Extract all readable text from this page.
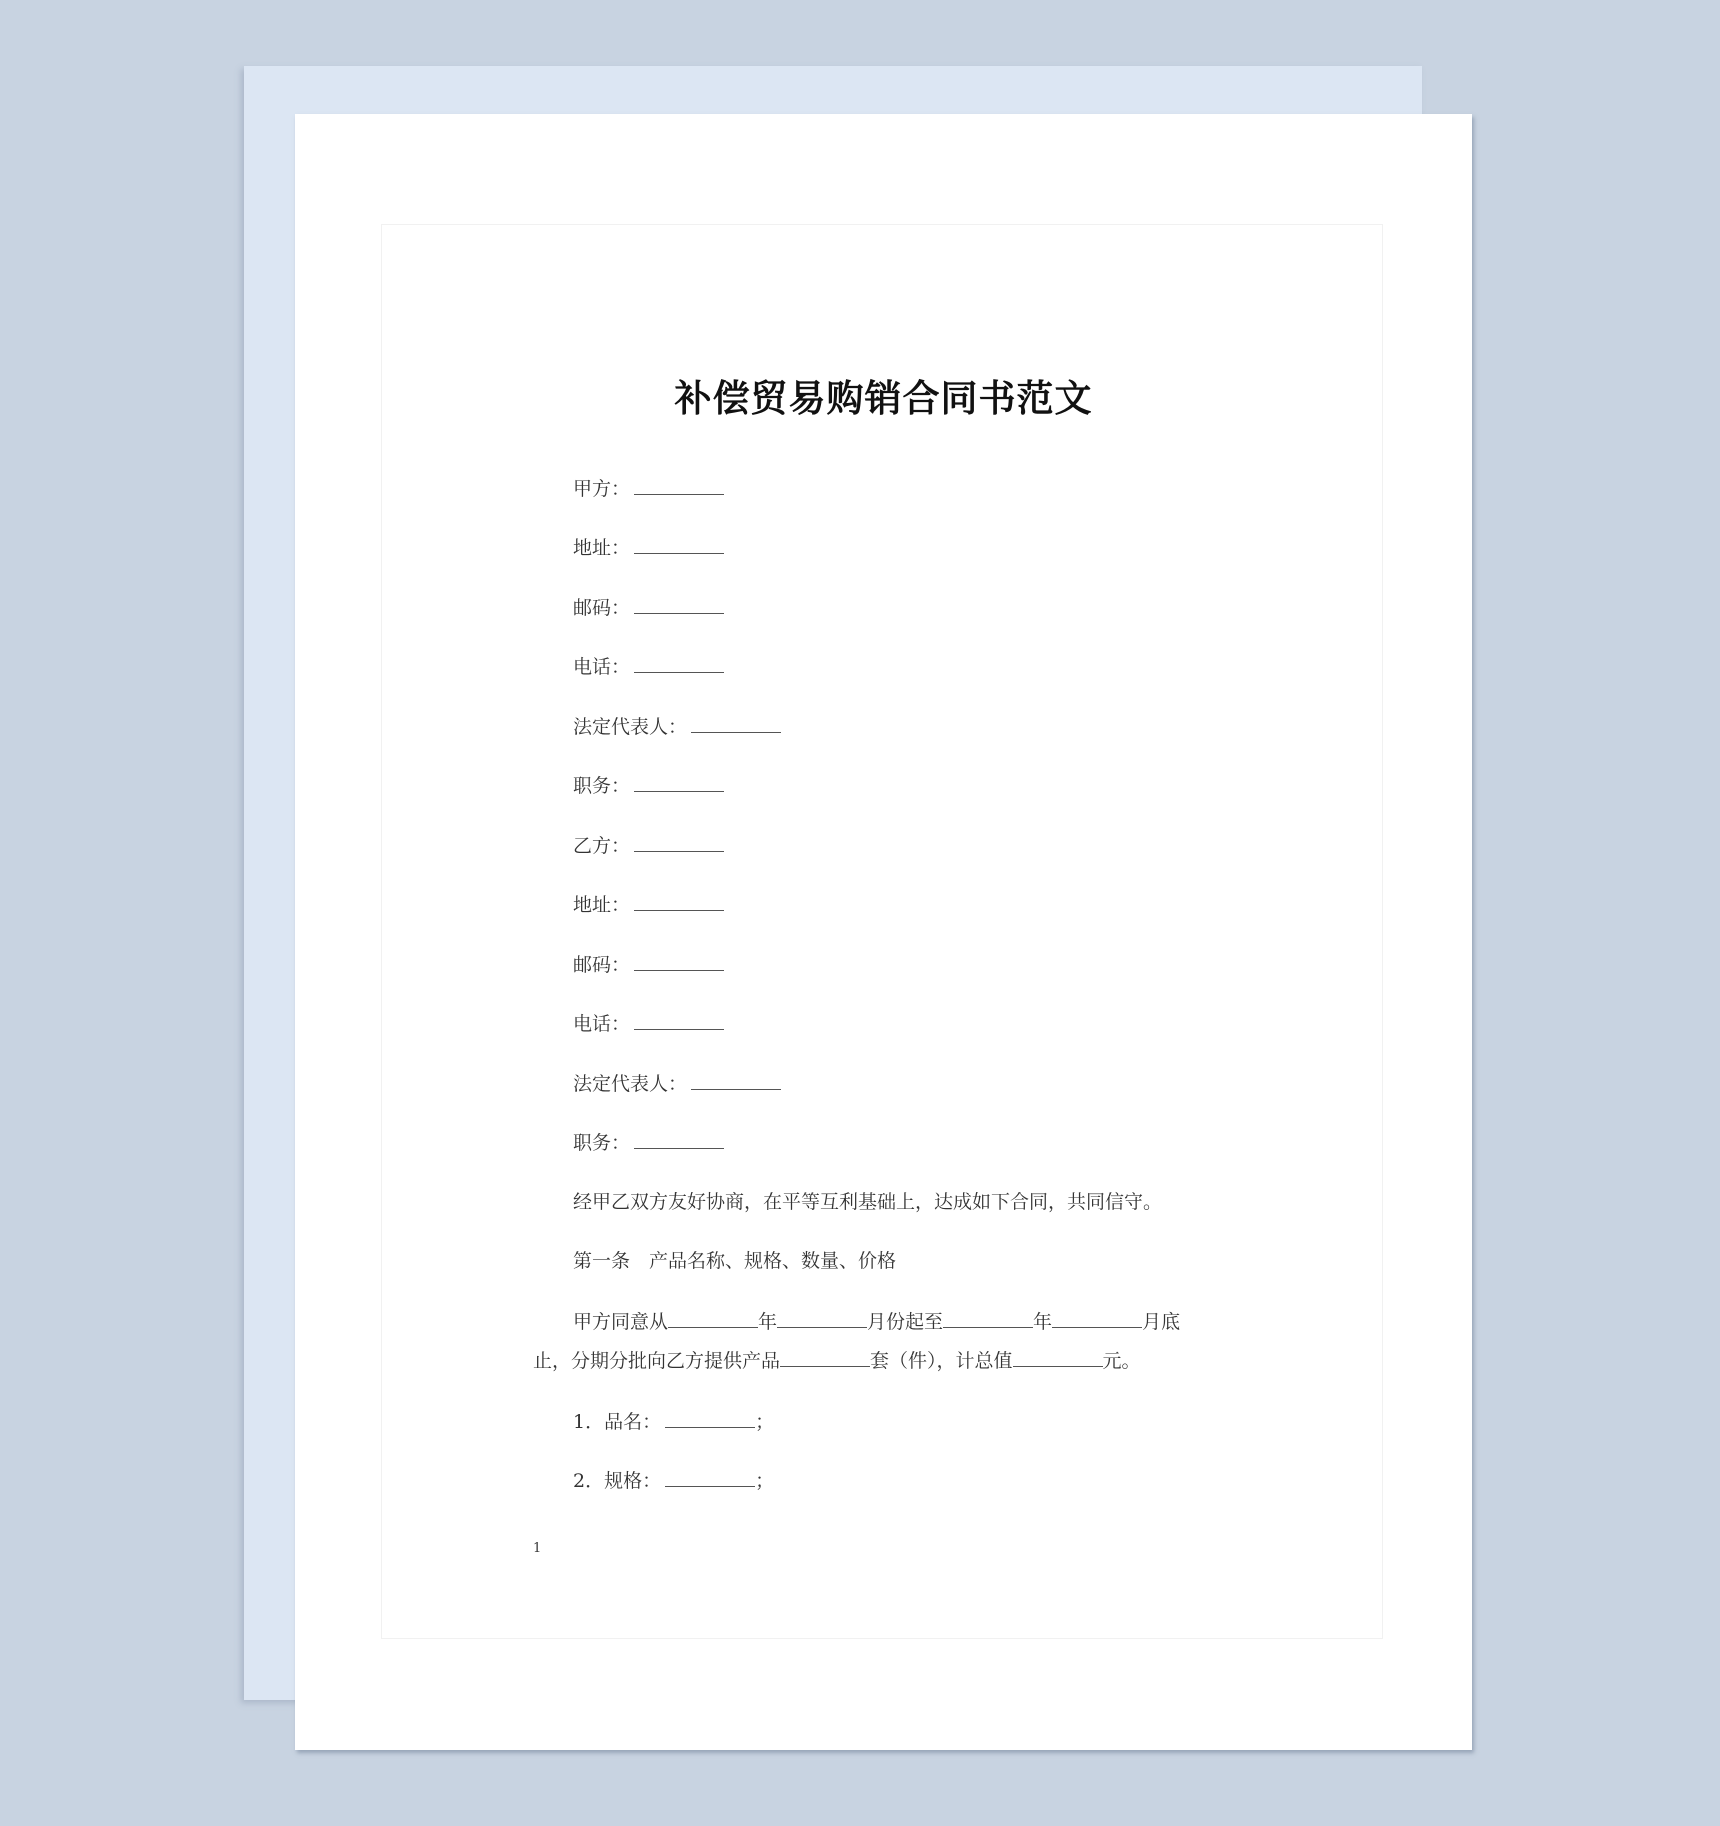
补偿贸易购销合同书范文
甲方：
地址：
邮码：
电话：
法定代表人：
职务：
乙方：
地址：
邮码：
电话：
法定代表人：
职务：
经甲乙双方友好协商，在平等互利基础上，达成如下合同，共同信守。
第一条　产品名称、规格、数量、价格
甲方同意从	年	月份起至	年	月底
止，分期分批向乙方提供产品	套（件），计总值	元。
1．品名：	；
2．规格：	；
1
